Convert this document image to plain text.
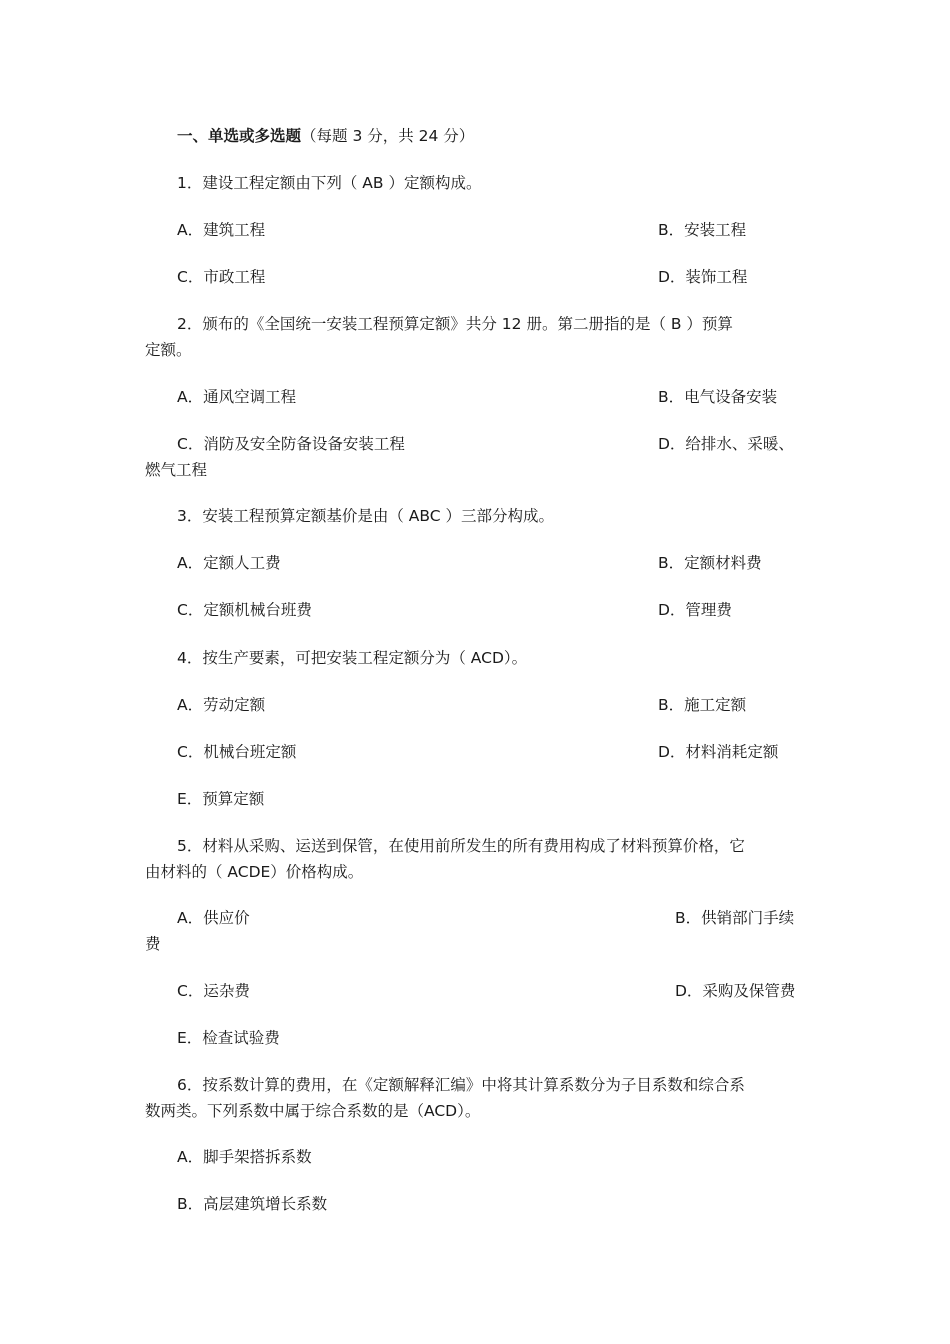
一、单选或多选题（每题 3 分，共 24 分）
1．建设工程定额由下列（ AB ）定额构成。
A．建筑工程	B．安装工程
C．市政工程	D．装饰工程
2．颁布的《全国统一安装工程预算定额》共分 12 册。第二册指的是（ B ）预算
定额。
A．通风空调工程	B．电气设备安装
C．消防及安全防备设备安装工程	D．给排水、采暖、
燃气工程
3．安装工程预算定额基价是由（ ABC ）三部分构成。
A．定额人工费	B．定额材料费
C．定额机械台班费	D．管理费
4．按生产要素，可把安装工程定额分为（ ACD）。
A．劳动定额	B．施工定额
C．机械台班定额	D．材料消耗定额
E．预算定额
5．材料从采购、运送到保管，在使用前所发生的所有费用构成了材料预算价格，它
由材料的（ ACDE）价格构成。
A．供应价	B．供销部门手续
费
C．运杂费	D．采购及保管费
E．检查试验费
6．按系数计算的费用，在《定额解释汇编》中将其计算系数分为子目系数和综合系
数两类。下列系数中属于综合系数的是（ACD）。
A．脚手架搭拆系数
B．高层建筑增长系数
